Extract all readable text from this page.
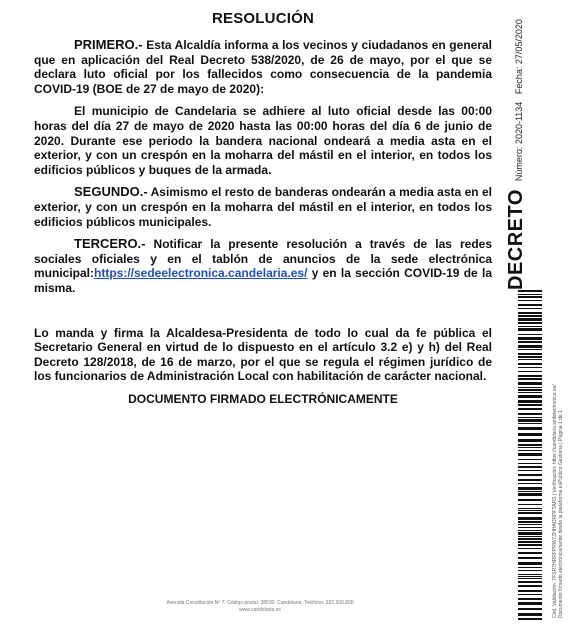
RESOLUCIÓN

PRIMERO.- Esta Alcaldía informa a los vecinos y ciudadanos en general que en aplicación del Real Decreto 538/2020, de 26 de mayo, por el que se declara luto oficial por los fallecidos como consecuencia de la pandemia COVID-19 (BOE de 27 de mayo de 2020):

El municipio de Candelaria se adhiere al luto oficial desde las 00:00 horas del día 27 de mayo de 2020 hasta las 00:00 horas del día 6 de junio de 2020. Durante ese periodo la bandera nacional ondeará a media asta en el exterior, y con un crespón en la moharra del mástil en el interior, en todos los edificios públicos y buques de la armada.

SEGUNDO.- Asimismo el resto de banderas ondearán a media asta en el exterior, y con un crespón en la moharra del mástil en el interior, en todos los edificios públicos municipales.

TERCERO.- Notificar la presente resolución a través de las redes sociales oficiales y en el tablón de anuncios de la sede electrónica municipal:https://sedeelectronica.candelaria.es/ y en la sección COVID-19 de la misma.

Lo manda y firma la Alcaldesa-Presidenta de todo lo cual da fe pública el Secretario General en virtud de lo dispuesto en el artículo 3.2 e) y h) del Real Decreto 128/2018, de 16 de marzo, por el que se regula el régimen jurídico de los funcionarios de Administración Local con habilitación de carácter nacional.

DOCUMENTO FIRMADO ELECTRÓNICAMENTE

Avenida Constitución Nº 7. Código postal: 38530. Candelaria. Teléfono: 922.500.800
www.candelaria.es
DECRETONúmero: 2020-1134   Fecha: 27/05/2020
Cód. Validación: 7FSR7HRRFPRW7ZHHADRPFTARS | Verificación: https://candelaria.sedelectronica.es/ Documento firmado electrónicamente desde la plataforma esPublico Gestiona | Página 1 de 1
